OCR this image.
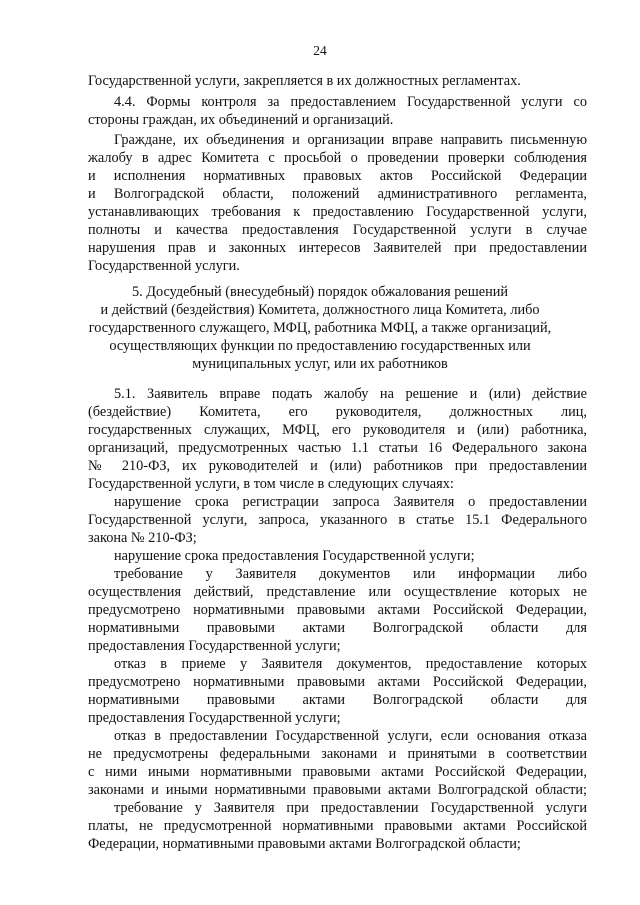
24
Государственной услуги, закрепляется в их должностных регламентах.
4.4. Формы контроля за предоставлением Государственной услуги со
стороны граждан, их объединений и организаций.
Граждане, их объединения и организации вправе направить письменную
жалобу в адрес Комитета с просьбой о проведении проверки соблюдения
и исполнения нормативных правовых актов Российской Федерации
и Волгоградской области, положений административного регламента,
устанавливающих требования к предоставлению Государственной услуги,
полноты и качества предоставления Государственной услуги в случае
нарушения прав и законных интересов Заявителей при предоставлении
Государственной услуги.
5. Досудебный (внесудебный) порядок обжалования решений
и действий (бездействия) Комитета, должностного лица Комитета, либо
государственного служащего, МФЦ, работника МФЦ, а также организаций,
осуществляющих функции по предоставлению государственных или
муниципальных услуг, или их работников
5.1. Заявитель вправе подать жалобу на решение и (или) действие
(бездействие) Комитета, его руководителя, должностных лиц,
государственных служащих, МФЦ, его руководителя и (или) работника,
организаций, предусмотренных частью 1.1 статьи 16 Федерального закона
№ 210-ФЗ, их руководителей и (или) работников при предоставлении
Государственной услуги, в том числе в следующих случаях:
нарушение срока регистрации запроса Заявителя о предоставлении
Государственной услуги, запроса, указанного в статье 15.1 Федерального
закона № 210-ФЗ;
нарушение срока предоставления Государственной услуги;
требование у Заявителя документов или информации либо
осуществления действий, представление или осуществление которых не
предусмотрено нормативными правовыми актами Российской Федерации,
нормативными правовыми актами Волгоградской области для
предоставления Государственной услуги;
отказ в приеме у Заявителя документов, предоставление которых
предусмотрено нормативными правовыми актами Российской Федерации,
нормативными правовыми актами Волгоградской области для
предоставления Государственной услуги;
отказ в предоставлении Государственной услуги, если основания отказа
не предусмотрены федеральными законами и принятыми в соответствии
с ними иными нормативными правовыми актами Российской Федерации,
законами и иными нормативными правовыми актами Волгоградской области;
требование у Заявителя при предоставлении Государственной услуги
платы, не предусмотренной нормативными правовыми актами Российской
Федерации, нормативными правовыми актами Волгоградской области;
